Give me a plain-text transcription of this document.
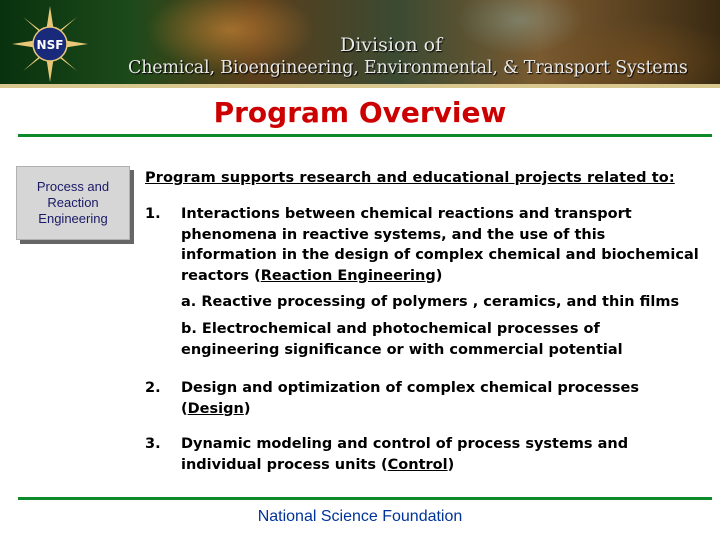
NSF	Division of
Chemical, Bioengineering, Environmental, & Transport Systems
Program Overview
Process and Reaction Engineering
Program supports research and educational projects related to:
1. Interactions between chemical reactions and transport phenomena in reactive systems, and the use of this information in the design of complex chemical and biochemical reactors (Reaction Engineering)
a. Reactive processing of polymers , ceramics, and thin films
b. Electrochemical and photochemical processes of engineering significance or with commercial potential
2. Design and optimization of complex chemical processes (Design)
3. Dynamic modeling and control of process systems and individual process units (Control)
National Science Foundation
